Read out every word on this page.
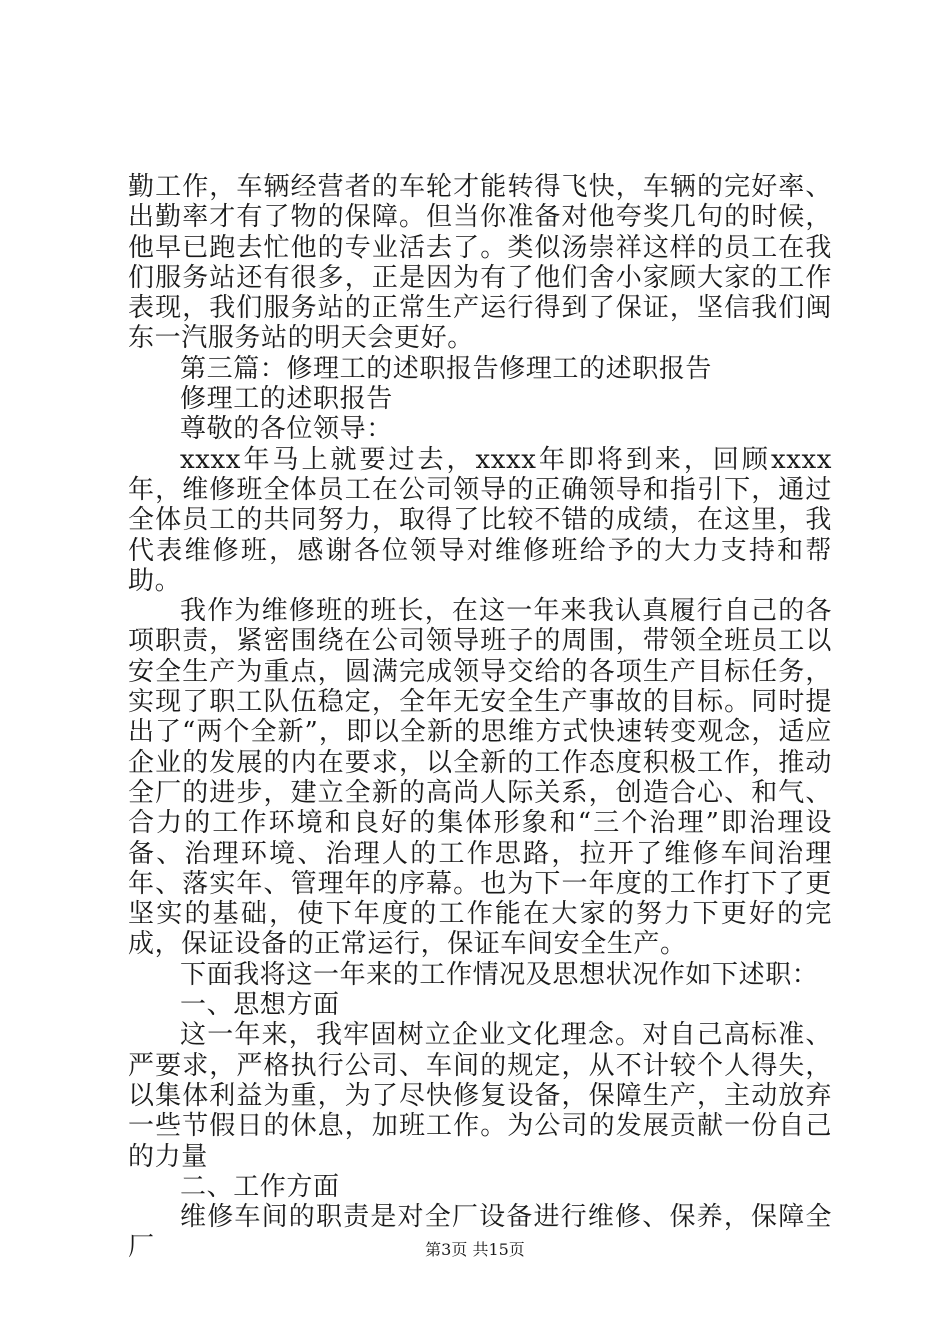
勤工作，车辆经营者的车轮才能转得飞快，车辆的完好率、出勤率才有了物的保障。但当你准备对他夸奖几句的时候，他早已跑去忙他的专业活去了。类似汤崇祥这样的员工在我们服务站还有很多，正是因为有了他们舍小家顾大家的工作表现，我们服务站的正常生产运行得到了保证，坚信我们闽东一汽服务站的明天会更好。

第三篇：修理工的述职报告修理工的述职报告

修理工的述职报告

尊敬的各位领导：

xxxx年马上就要过去，xxxx年即将到来，回顾xxxx年，维修班全体员工在公司领导的正确领导和指引下，通过全体员工的共同努力，取得了比较不错的成绩，在这里，我代表维修班，感谢各位领导对维修班给予的大力支持和帮助。

我作为维修班的班长，在这一年来我认真履行自己的各项职责，紧密围绕在公司领导班子的周围，带领全班员工以安全生产为重点，圆满完成领导交给的各项生产目标任务，实现了职工队伍稳定，全年无安全生产事故的目标。同时提出了“两个全新”，即以全新的思维方式快速转变观念，适应企业的发展的内在要求，以全新的工作态度积极工作，推动全厂的进步，建立全新的高尚人际关系，创造合心、和气、合力的工作环境和良好的集体形象和“三个治理”即治理设备、治理环境、治理人的工作思路，拉开了维修车间治理年、落实年、管理年的序幕。也为下一年度的工作打下了更坚实的基础，使下年度的工作能在大家的努力下更好的完成，保证设备的正常运行，保证车间安全生产。

下面我将这一年来的工作情况及思想状况作如下述职：

一、思想方面

这一年来，我牢固树立企业文化理念。对自己高标准、严要求，严格执行公司、车间的规定，从不计较个人得失，以集体利益为重，为了尽快修复设备，保障生产，主动放弃一些节假日的休息，加班工作。为公司的发展贡献一份自己的力量

二、工作方面

维修车间的职责是对全厂设备进行维修、保养，保障全厂	第3页 共15页
